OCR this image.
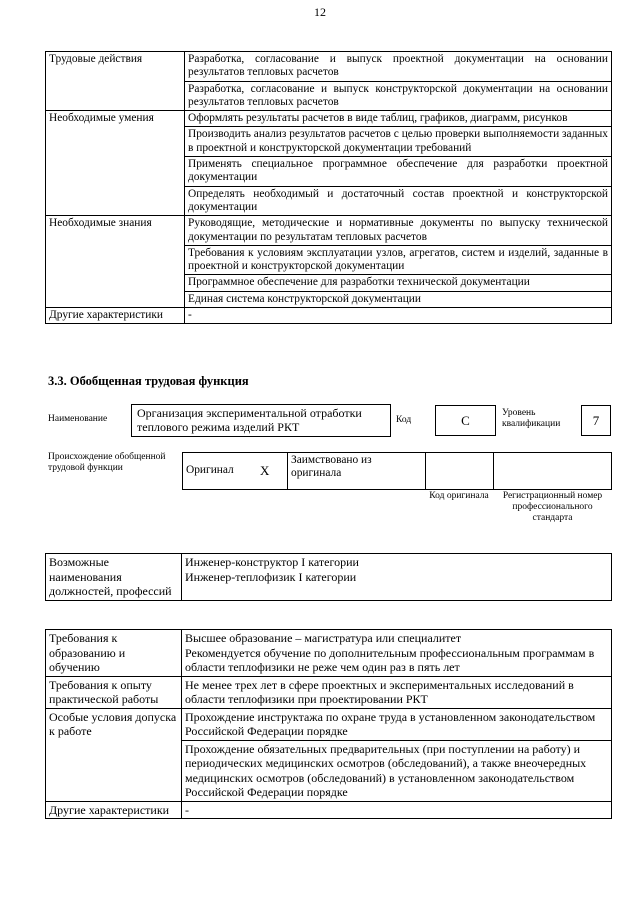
12
Трудовые действия	Разработка, согласование и выпуск проектной документации на основании результатов тепловых расчетов
	Разработка, согласование и выпуск конструкторской документации на основании результатов тепловых расчетов
Необходимые умения	Оформлять результаты расчетов в виде таблиц, графиков, диаграмм, рисунков
	Производить анализ результатов расчетов с целью проверки выполняемости заданных в проектной и конструкторской документации требований
	Применять специальное программное обеспечение для разработки проектной документации
	Определять необходимый и достаточный состав проектной и конструкторской документации
Необходимые знания	Руководящие, методические и нормативные документы по выпуску технической документации по результатам тепловых расчетов
	Требования к условиям эксплуатации узлов, агрегатов, систем и изделий, заданные в проектной и конструкторской документации
	Программное обеспечение для разработки технической документации
	Единая система конструкторской документации
Другие характеристики	-
3.3. Обобщенная трудовая функция
Наименование	Организация экспериментальной отработки теплового режима изделий РКТ	Код	C	Уровень квалификации	7
Происхождение обобщенной трудовой функции	Оригинал	X	Заимствовано из оригинала		
Код оригинала	Регистрационный номер профессионального стандарта
Возможные наименования должностей, профессий	Инженер-конструктор I категории
Инженер-теплофизик I категории
Требования к образованию и обучению	Высшее образование – магистратура или специалитет
Рекомендуется обучение по дополнительным профессиональным программам в области теплофизики не реже чем один раз в пять лет
Требования к опыту практической работы	Не менее трех лет в сфере проектных и экспериментальных исследований в области теплофизики при проектировании РКТ
Особые условия допуска к работе	Прохождение инструктажа по охране труда в установленном законодательством Российской Федерации порядке
	Прохождение обязательных предварительных (при поступлении на работу) и периодических медицинских осмотров (обследований), а также внеочередных медицинских осмотров (обследований) в установленном законодательством Российской Федерации порядке
Другие характеристики	-
